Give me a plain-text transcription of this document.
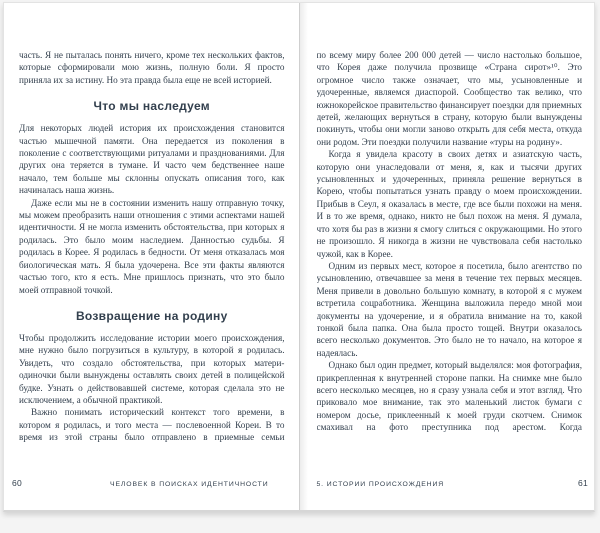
часть. Я не пыталась понять ничего, кроме тех нескольких фактов, которые сформировали мою жизнь, полную боли. Я просто приняла их за истину. Но эта правда была еще не всей историей.

Что мы наследуем

Для некоторых людей история их происхождения становится частью мышечной памяти. Она передается из поколения в поколение с соответствующими ритуалами и празднованиями. Для других она теряется в тумане. И часто чем бедственнее наше начало, тем больше мы склонны опускать описания того, как начиналась наша жизнь.

Даже если мы не в состоянии изменить нашу отправную точку, мы можем преобразить наши отношения с этими аспектами нашей идентичности. Я не могла изменить обстоятельства, при которых я родилась. Это было моим наследием. Данностью судьбы. Я родилась в Корее. Я родилась в бедности. От меня отказалась моя биологическая мать. Я была удочерена. Все эти факты являются частью того, кто я есть. Мне пришлось признать, что это было моей отправной точкой.

Возвращение на родину

Чтобы продолжить исследование истории моего происхождения, мне нужно было погрузиться в культуру, в которой я родилась. Увидеть, что создало обстоятельства, при которых матери-одиночки были вынуждены оставлять своих детей в полицейской будке. Узнать о действовавшей системе, которая сделала это не исключением, а обычной практикой.

Важно понимать исторический контекст того времени, в котором я родилась, и того места — послевоенной Кореи. В то время из этой страны было отправлено в приемные семьи

60	ЧЕЛОВЕК В ПОИСКАХ ИДЕНТИЧНОСТИ

по всему миру более 200 000 детей — число настолько большое, что Корея даже получила прозвище «Страна сирот»¹⁰. Это огромное число также означает, что мы, усыновленные и удочеренные, являемся диаспорой. Сообщество так велико, что южнокорейское правительство финансирует поездки для приемных детей, желающих вернуться в страну, которую были вынуждены покинуть, чтобы они могли заново открыть для себя места, откуда они родом. Эти поездки получили название «туры на родину».

Когда я увидела красоту в своих детях и азиатскую часть, которую они унаследовали от меня, я, как и тысячи других усыновленных и удочеренных, приняла решение вернуться в Корею, чтобы попытаться узнать правду о моем происхождении. Прибыв в Сеул, я оказалась в месте, где все были похожи на меня. И в то же время, однако, никто не был похож на меня. Я думала, что хотя бы раз в жизни я смогу слиться с окружающими. Но этого не произошло. Я никогда в жизни не чувствовала себя настолько чужой, как в Корее.

Одним из первых мест, которое я посетила, было агентство по усыновлению, отвечавшее за меня в течение тех первых месяцев. Меня привели в довольно большую комнату, в которой я с мужем встретила соцработника. Женщина выложила передо мной мои документы на удочерение, и я обратила внимание на то, какой тонкой была папка. Она была просто тощей. Внутри оказалось всего несколько документов. Это было не то начало, на которое я надеялась.

Однако был один предмет, который выделялся: моя фотография, прикрепленная к внутренней стороне папки. На снимке мне было всего несколько месяцев, но я сразу узнала себя и этот взгляд. Что приковало мое внимание, так это маленький листок бумаги с номером досье, приклеенный к моей груди скотчем. Снимок смахивал на фото преступника под арестом. Когда

5. ИСТОРИИ ПРОИСХОЖДЕНИЯ	61
